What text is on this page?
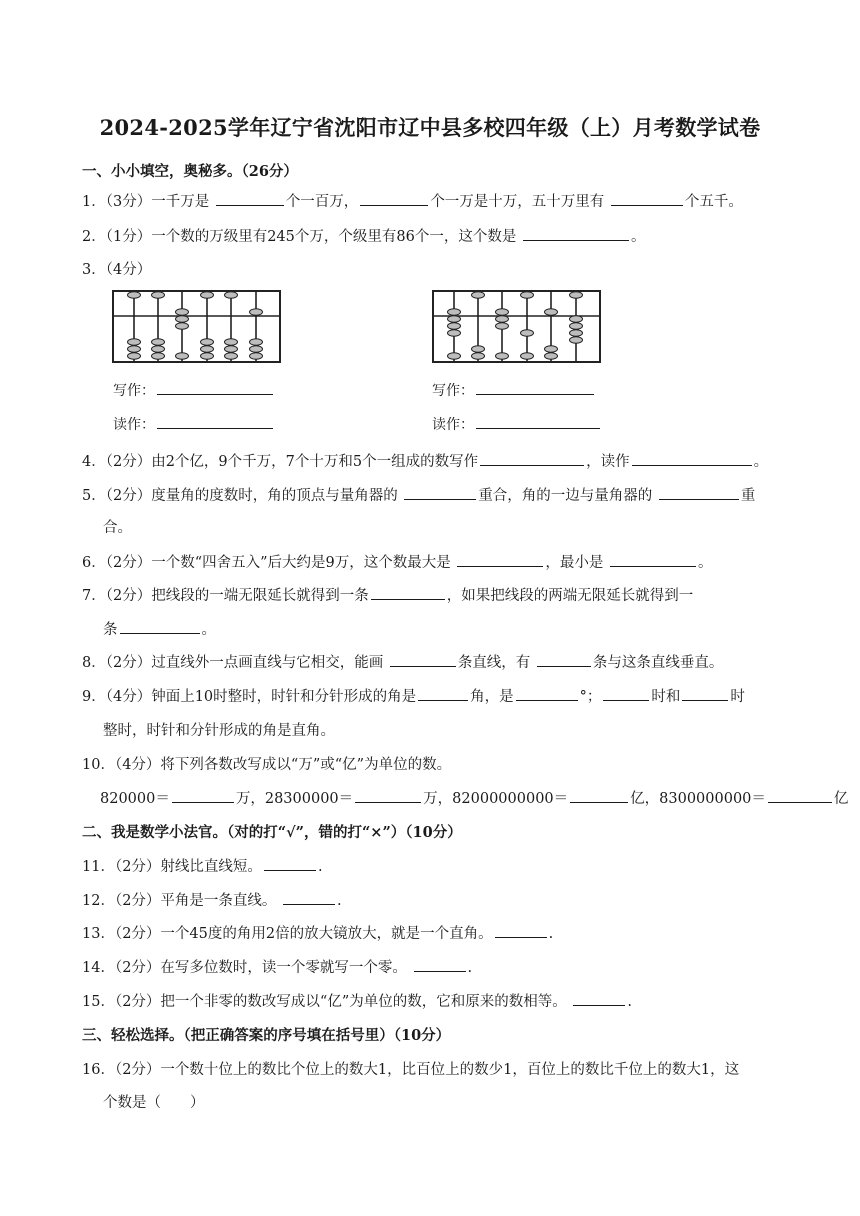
2024-2025学年辽宁省沈阳市辽中县多校四年级（上）月考数学试卷
一、小小填空，奥秘多。（26分）
1．（3分）一千万是	个一百万，	个一万是十万，五十万里有	个五千。
2．（1分）一个数的万级里有245个万，个级里有86个一，这个数是	。
3．（4分）
写作：
读作：
写作：
读作：
4．（2分）由2个亿，9个千万，7个十万和5个一组成的数写作	，读作	。
5．（2分）度量角的度数时，角的顶点与量角器的	重合，角的一边与量角器的	重
合。
6．（2分）一个数“四舍五入”后大约是9万，这个数最大是	，最小是	。
7．（2分）把线段的一端无限延长就得到一条	，如果把线段的两端无限延长就得到一
条	。
8．（2分）过直线外一点画直线与它相交，能画	条直线，有	条与这条直线垂直。
9．（4分）钟面上10时整时，时针和分针形成的角是	角，是	°；	时和	时
整时，时针和分针形成的角是直角。
10．（4分）将下列各数改写成以“万”或“亿”为单位的数。
820000＝	万，28300000＝	万，82000000000＝	亿，8300000000＝	亿
二、我是数学小法官。（对的打“√”，错的打“×”）（10分）
11．（2分）射线比直线短。	.
12．（2分）平角是一条直线。	.
13．（2分）一个45度的角用2倍的放大镜放大，就是一个直角。	.
14．（2分）在写多位数时，读一个零就写一个零。	.
15．（2分）把一个非零的数改写成以“亿”为单位的数，它和原来的数相等。	.
三、轻松选择。（把正确答案的序号填在括号里）（10分）
16．（2分）一个数十位上的数比个位上的数大1，比百位上的数少1，百位上的数比千位上的数大1，这
个数是（　　）
